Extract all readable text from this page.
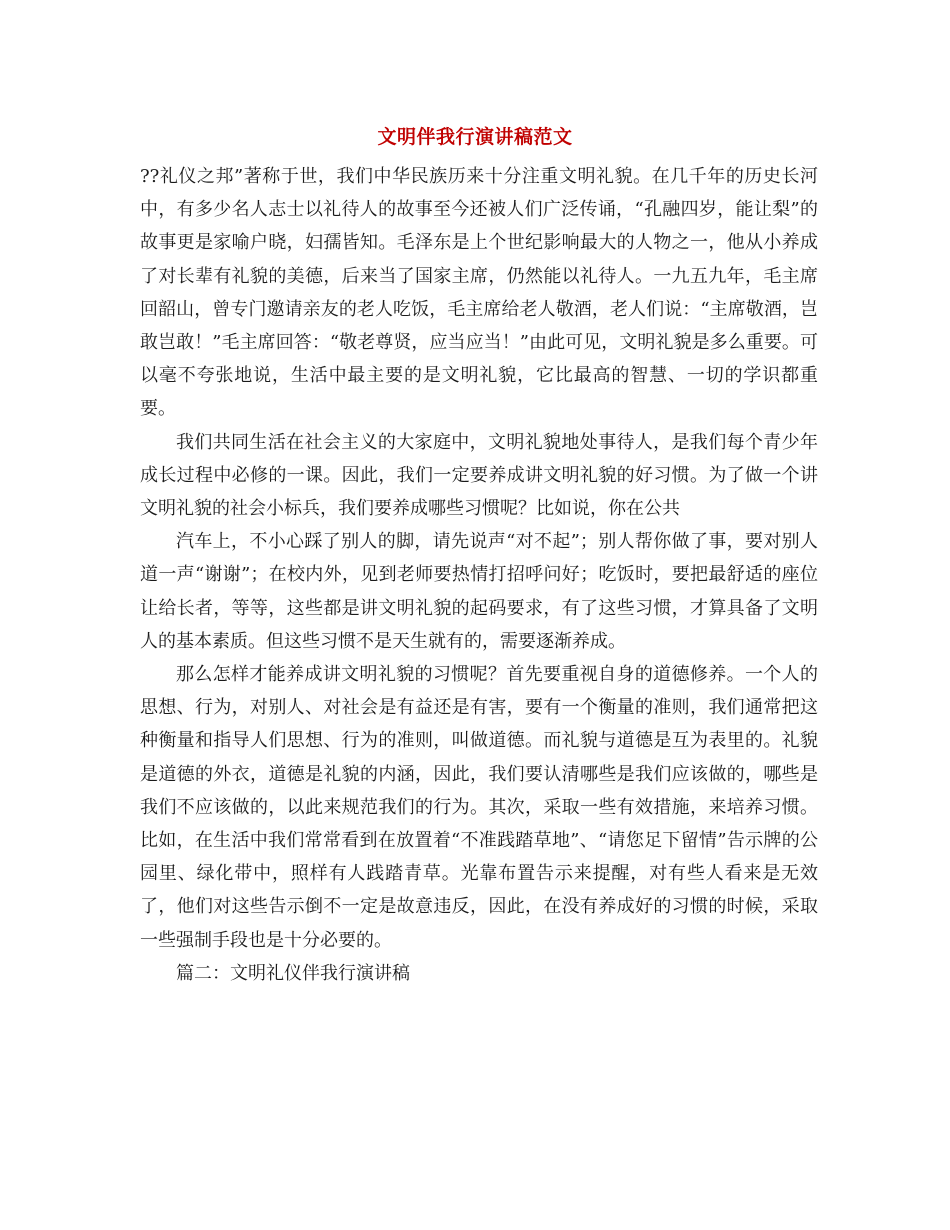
文明伴我行演讲稿范文

??礼仪之邦”著称于世，我们中华民族历来十分注重文明礼貌。在几千年的历史长河中，有多少名人志士以礼待人的故事至今还被人们广泛传诵，“孔融四岁，能让梨”的故事更是家喻户晓，妇孺皆知。毛泽东是上个世纪影响最大的人物之一，他从小养成了对长辈有礼貌的美德，后来当了国家主席，仍然能以礼待人。一九五九年，毛主席回韶山，曾专门邀请亲友的老人吃饭，毛主席给老人敬酒，老人们说：“主席敬酒，岂敢岂敢！”毛主席回答：“敬老尊贤，应当应当！”由此可见，文明礼貌是多么重要。可以毫不夸张地说，生活中最主要的是文明礼貌，它比最高的智慧、一切的学识都重要。

我们共同生活在社会主义的大家庭中，文明礼貌地处事待人，是我们每个青少年成长过程中必修的一课。因此，我们一定要养成讲文明礼貌的好习惯。为了做一个讲文明礼貌的社会小标兵，我们要养成哪些习惯呢？比如说，你在公共

汽车上，不小心踩了别人的脚，请先说声“对不起”；别人帮你做了事，要对别人道一声“谢谢”；在校内外，见到老师要热情打招呼问好；吃饭时，要把最舒适的座位让给长者，等等，这些都是讲文明礼貌的起码要求，有了这些习惯，才算具备了文明人的基本素质。但这些习惯不是天生就有的，需要逐渐养成。

那么怎样才能养成讲文明礼貌的习惯呢？首先要重视自身的道德修养。一个人的思想、行为，对别人、对社会是有益还是有害，要有一个衡量的准则，我们通常把这种衡量和指导人们思想、行为的准则，叫做道德。而礼貌与道德是互为表里的。礼貌是道德的外衣，道德是礼貌的内涵，因此，我们要认清哪些是我们应该做的，哪些是我们不应该做的，以此来规范我们的行为。其次，采取一些有效措施，来培养习惯。比如，在生活中我们常常看到在放置着“不准践踏草地”、“请您足下留情”告示牌的公园里、绿化带中，照样有人践踏青草。光靠布置告示来提醒，对有些人看来是无效了，他们对这些告示倒不一定是故意违反，因此，在没有养成好的习惯的时候，采取一些强制手段也是十分必要的。

篇二：文明礼仪伴我行演讲稿
